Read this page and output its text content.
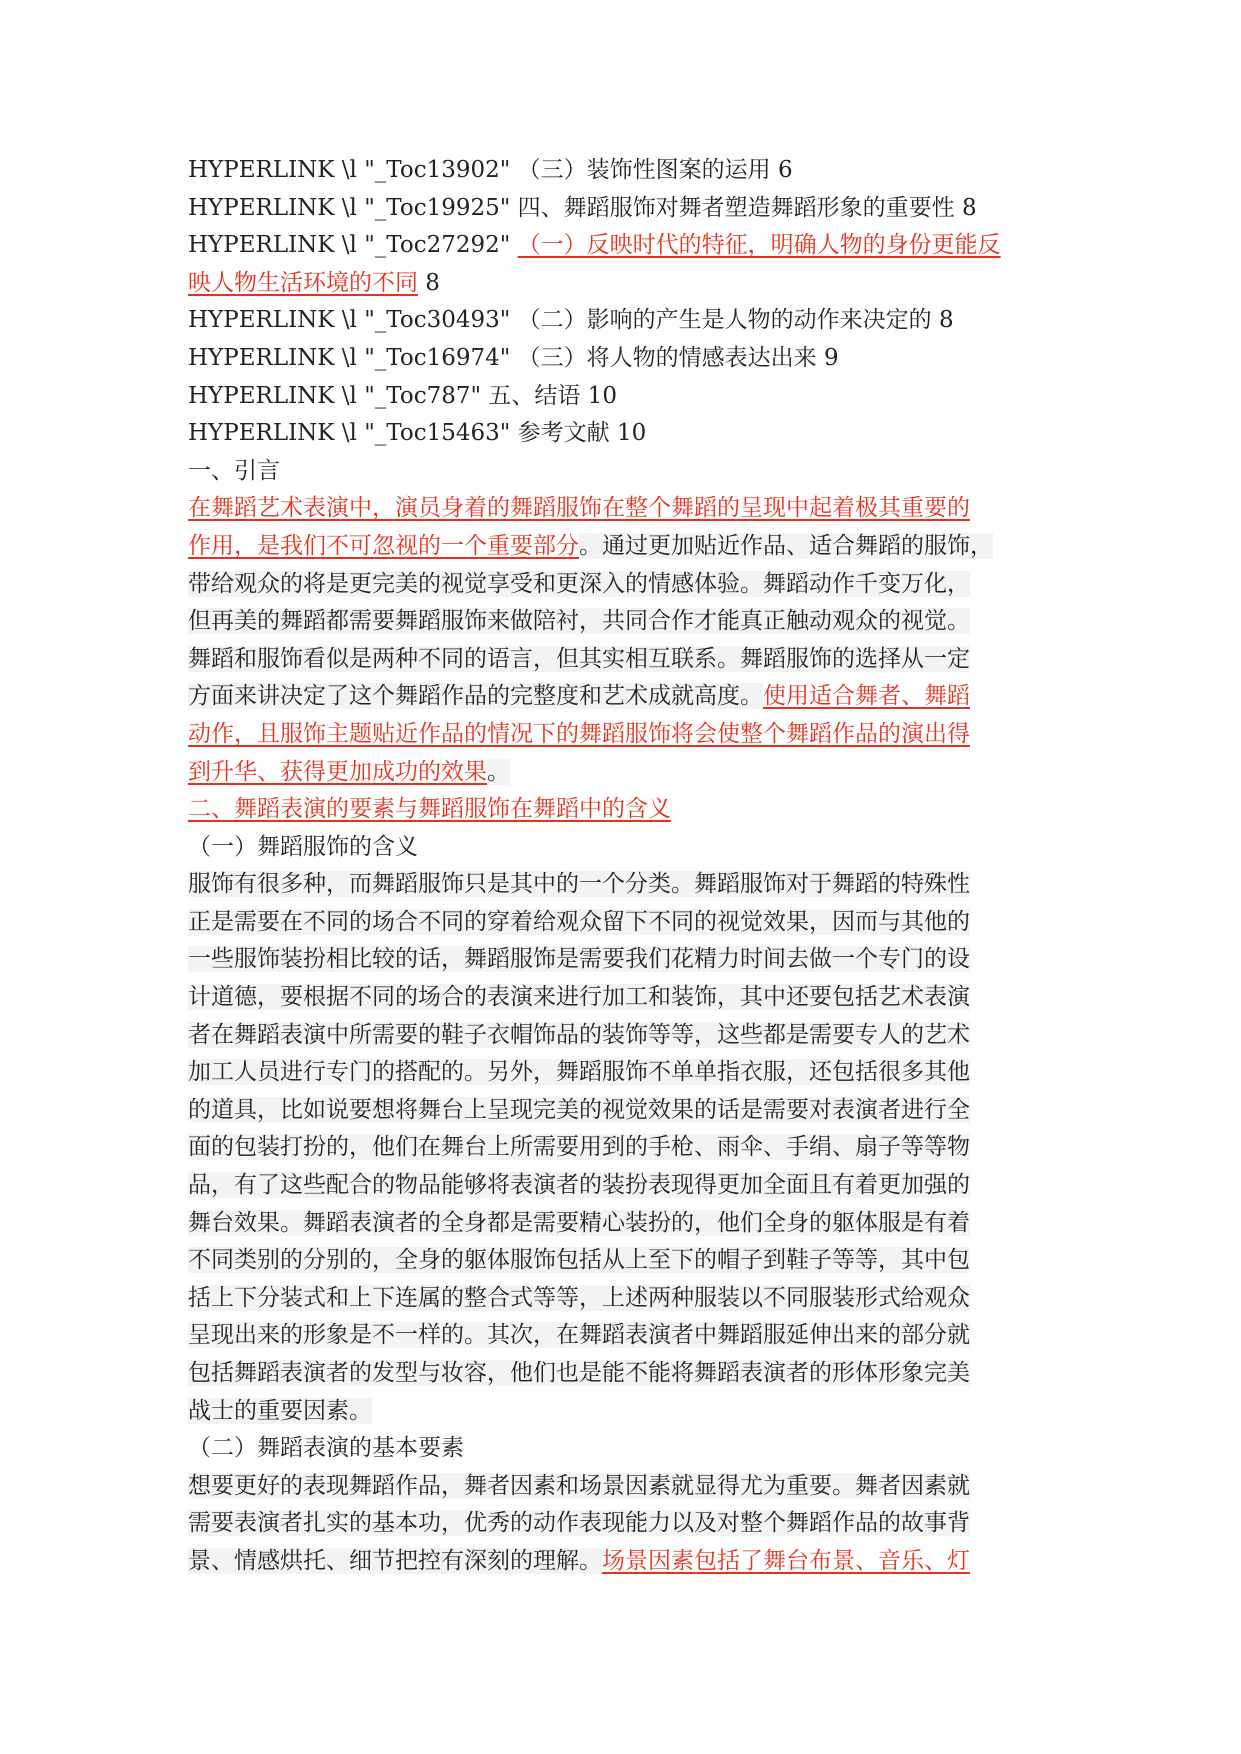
HYPERLINK \l "_Toc13902" （三）装饰性图案的运用 6
HYPERLINK \l "_Toc19925" 四、舞蹈服饰对舞者塑造舞蹈形象的重要性 8
HYPERLINK \l "_Toc27292" （一）反映时代的特征，明确人物的身份更能反
映人物生活环境的不同 8
HYPERLINK \l "_Toc30493" （二）影响的产生是人物的动作来决定的 8
HYPERLINK \l "_Toc16974" （三）将人物的情感表达出来 9
HYPERLINK \l "_Toc787" 五、结语 10
HYPERLINK \l "_Toc15463" 参考文献 10
一、引言
在舞蹈艺术表演中，演员身着的舞蹈服饰在整个舞蹈的呈现中起着极其重要的
作用，是我们不可忽视的一个重要部分。通过更加贴近作品、适合舞蹈的服饰，
带给观众的将是更完美的视觉享受和更深入的情感体验。舞蹈动作千变万化，
但再美的舞蹈都需要舞蹈服饰来做陪衬，共同合作才能真正触动观众的视觉。
舞蹈和服饰看似是两种不同的语言，但其实相互联系。舞蹈服饰的选择从一定
方面来讲决定了这个舞蹈作品的完整度和艺术成就高度。使用适合舞者、舞蹈
动作，且服饰主题贴近作品的情况下的舞蹈服饰将会使整个舞蹈作品的演出得
到升华、获得更加成功的效果。
二、舞蹈表演的要素与舞蹈服饰在舞蹈中的含义
（一）舞蹈服饰的含义
服饰有很多种，而舞蹈服饰只是其中的一个分类。舞蹈服饰对于舞蹈的特殊性
正是需要在不同的场合不同的穿着给观众留下不同的视觉效果，因而与其他的
一些服饰装扮相比较的话，舞蹈服饰是需要我们花精力时间去做一个专门的设
计道德，要根据不同的场合的表演来进行加工和装饰，其中还要包括艺术表演
者在舞蹈表演中所需要的鞋子衣帽饰品的装饰等等，这些都是需要专人的艺术
加工人员进行专门的搭配的。另外，舞蹈服饰不单单指衣服，还包括很多其他
的道具，比如说要想将舞台上呈现完美的视觉效果的话是需要对表演者进行全
面的包装打扮的，他们在舞台上所需要用到的手枪、雨伞、手绢、扇子等等物
品，有了这些配合的物品能够将表演者的装扮表现得更加全面且有着更加强的
舞台效果。舞蹈表演者的全身都是需要精心装扮的，他们全身的躯体服是有着
不同类别的分别的，全身的躯体服饰包括从上至下的帽子到鞋子等等，其中包
括上下分装式和上下连属的整合式等等，上述两种服装以不同服装形式给观众
呈现出来的形象是不一样的。其次，在舞蹈表演者中舞蹈服延伸出来的部分就
包括舞蹈表演者的发型与妆容，他们也是能不能将舞蹈表演者的形体形象完美
战士的重要因素。
（二）舞蹈表演的基本要素
想要更好的表现舞蹈作品，舞者因素和场景因素就显得尤为重要。舞者因素就
需要表演者扎实的基本功，优秀的动作表现能力以及对整个舞蹈作品的故事背
景、情感烘托、细节把控有深刻的理解。场景因素包括了舞台布景、音乐、灯
